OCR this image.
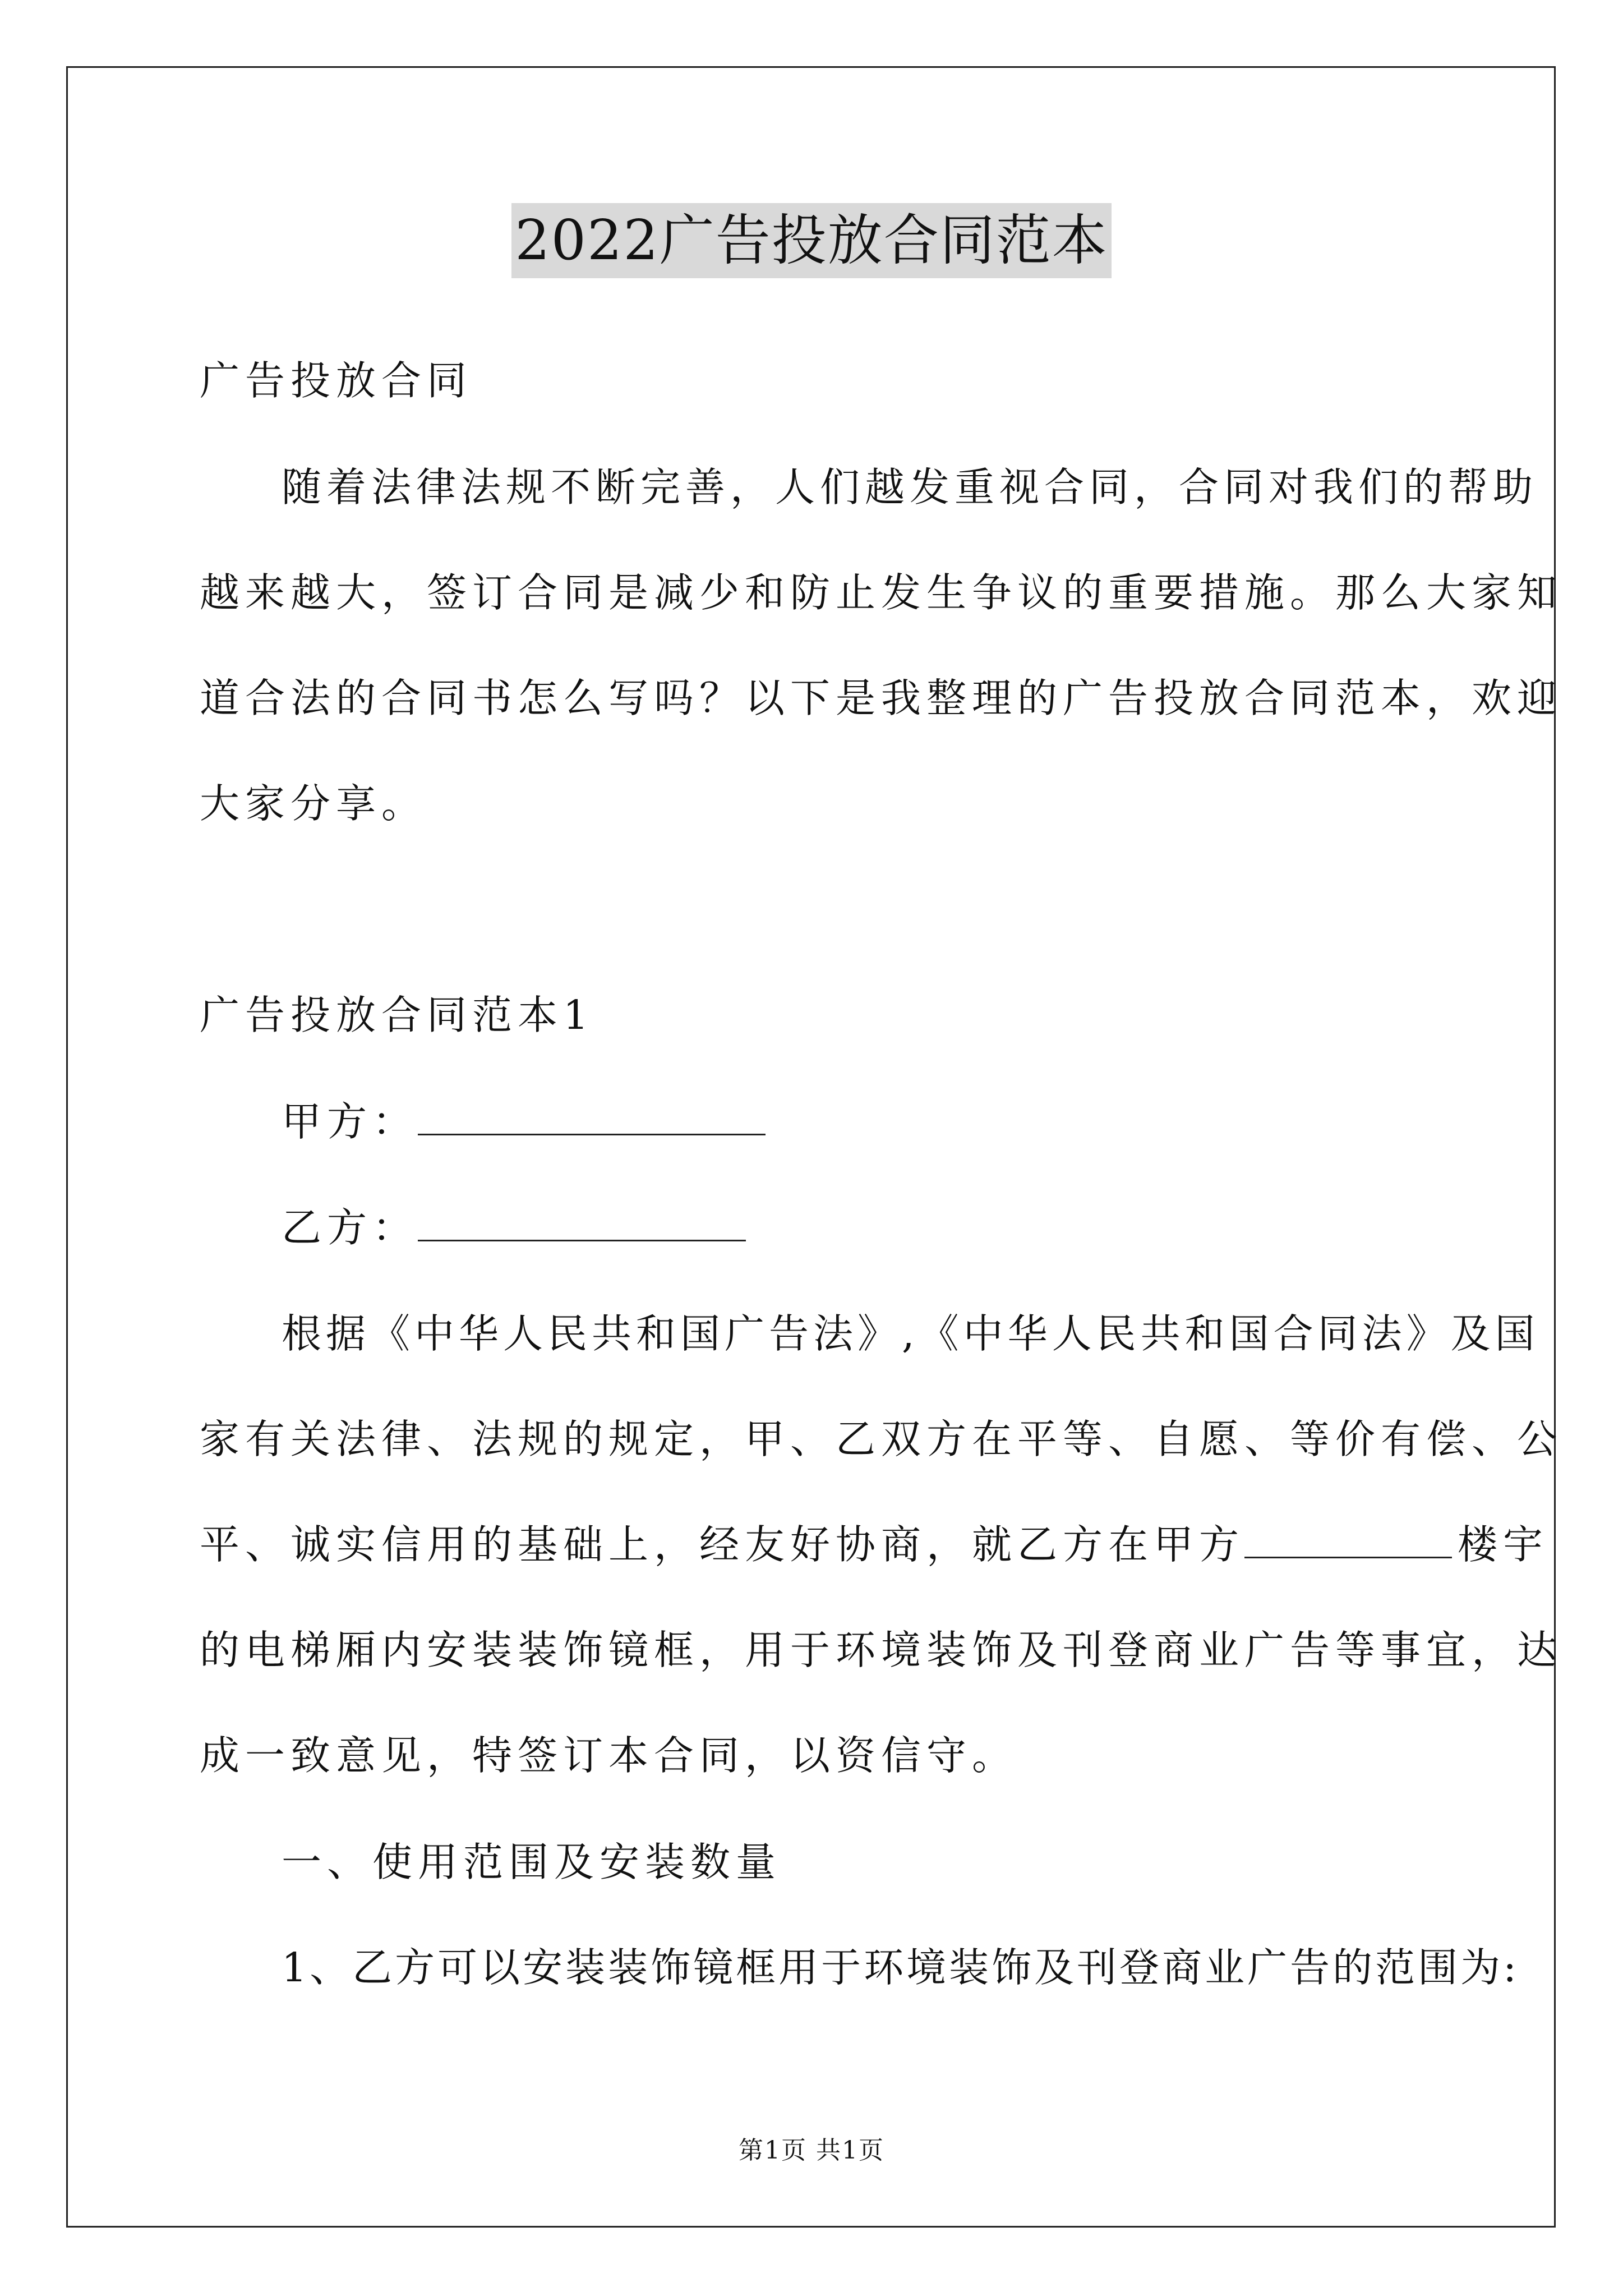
2022广告投放合同范本
广告投放合同
随着法律法规不断完善，人们越发重视合同，合同对我们的帮助
越来越大，签订合同是减少和防止发生争议的重要措施。那么大家知
道合法的合同书怎么写吗？以下是我整理的广告投放合同范本，欢迎
大家分享。
广告投放合同范本1
甲方：
乙方：
根据《中华人民共和国广告法》,《中华人民共和国合同法》及国
家有关法律、法规的规定，甲、乙双方在平等、自愿、等价有偿、公
平、诚实信用的基础上，经友好协商，就乙方在甲方	楼宇
的电梯厢内安装装饰镜框，用于环境装饰及刊登商业广告等事宜，达
成一致意见，特签订本合同，以资信守。
一、使用范围及安装数量
1、乙方可以安装装饰镜框用于环境装饰及刊登商业广告的范围为:
第1页 共1页
